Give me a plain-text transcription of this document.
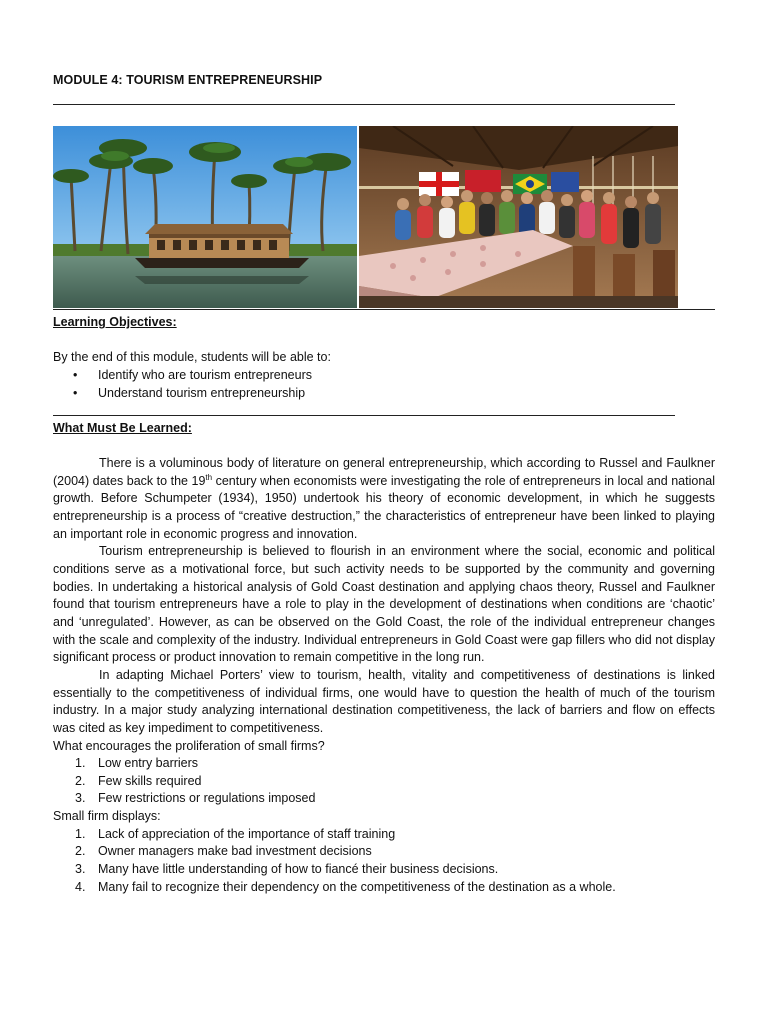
MODULE 4: TOURISM ENTREPRENEURSHIP
Learning Objectives:
By the end of this module, students will be able to:
• Identify who are tourism entrepreneurs
• Understand tourism entrepreneurship
What Must Be Learned:

There is a voluminous body of literature on general entrepreneurship, which according to Russel and Faulkner (2004) dates back to the 19th century when economists were investigating the role of entrepreneurs in local and national growth. Before Schumpeter (1934), 1950) undertook his theory of economic development, in which he suggests entrepreneurship is a process of “creative destruction,” the characteristics of entrepreneur have been linked to playing an important role in economic progress and innovation.

Tourism entrepreneurship is believed to flourish in an environment where the social, economic and political conditions serve as a motivational force, but such activity needs to be supported by the community and governing bodies. In undertaking a historical analysis of Gold Coast destination and applying chaos theory, Russel and Faulkner found that tourism entrepreneurs have a role to play in the development of destinations when conditions are ‘chaotic’ and ‘unregulated’. However, as can be observed on the Gold Coast, the role of the individual entrepreneur changes with the scale and complexity of the industry. Individual entrepreneurs in Gold Coast were gap fillers who did not display significant process or product innovation to remain competitive in the long run.

In adapting Michael Porters’ view to tourism, health, vitality and competitiveness of destinations is linked essentially to the competitiveness of individual firms, one would have to question the health of much of the tourism industry. In a major study analyzing international destination competitiveness, the lack of barriers and flow on effects was cited as key impediment to competitiveness.

What encourages the proliferation of small firms?
1. Low entry barriers
2. Few skills required
3. Few restrictions or regulations imposed
Small firm displays:
1. Lack of appreciation of the importance of staff training
2. Owner managers make bad investment decisions
3. Many have little understanding of how to fiancé their business decisions.
4. Many fail to recognize their dependency on the competitiveness of the destination as a whole.
